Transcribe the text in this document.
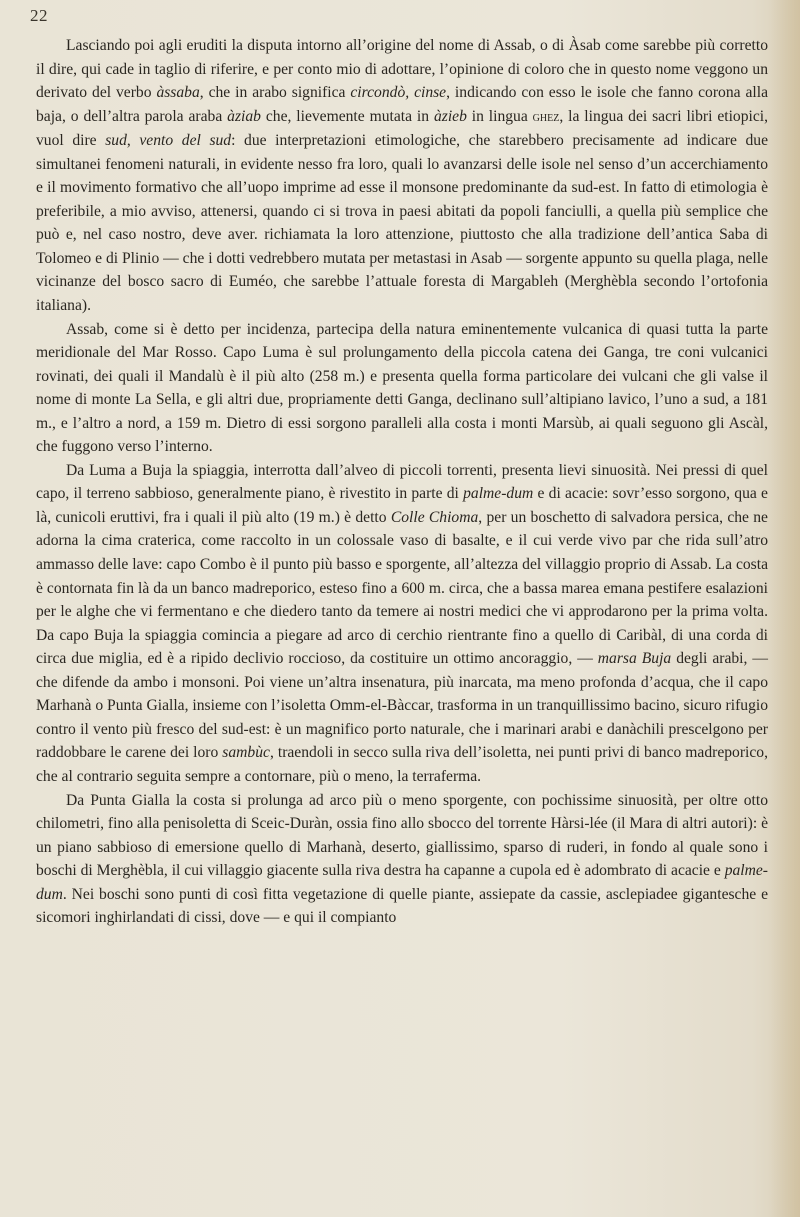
22

Lasciando poi agli eruditi la disputa intorno all’origine del nome di Assab, o di Àsab come sarebbe più corretto il dire, qui cade in taglio di riferire, e per conto mio di adottare, l’opinione di coloro che in questo nome veggono un derivato del verbo àssaba, che in arabo significa circondò, cinse, indicando con esso le isole che fanno corona alla baja, o dell’altra parola araba àziab che, lievemente mutata in àzieb in lingua ghez, la lingua dei sacri libri etiopici, vuol dire sud, vento del sud: due interpretazioni etimologiche, che starebbero precisamente ad indicare due simultanei fenomeni naturali, in evidente nesso fra loro, quali lo avanzarsi delle isole nel senso d’un accerchiamento e il movimento formativo che all’uopo imprime ad esse il monsone predominante da sud-est. In fatto di etimologia è preferibile, a mio avviso, attenersi, quando ci si trova in paesi abitati da popoli fanciulli, a quella più semplice che può e, nel caso nostro, deve aver. richiamata la loro attenzione, piuttosto che alla tradizione dell’antica Saba di Tolomeo e di Plinio — che i dotti vedrebbero mutata per metastasi in Asab — sorgente appunto su quella plaga, nelle vicinanze del bosco sacro di Euméo, che sarebbe l’attuale foresta di Margableh (Merghèbla secondo l’ortofonia italiana).

Assab, come si è detto per incidenza, partecipa della natura eminentemente vulcanica di quasi tutta la parte meridionale del Mar Rosso. Capo Luma è sul prolungamento della piccola catena dei Ganga, tre coni vulcanici rovinati, dei quali il Mandalù è il più alto (258 m.) e presenta quella forma particolare dei vulcani che gli valse il nome di monte La Sella, e gli altri due, propriamente detti Ganga, declinano sull’altipiano lavico, l’uno a sud, a 181 m., e l’altro a nord, a 159 m. Dietro di essi sorgono paralleli alla costa i monti Marsùb, ai quali seguono gli Ascàl, che fuggono verso l’interno.

Da Luma a Buja la spiaggia, interrotta dall’alveo di piccoli torrenti, presenta lievi sinuosità. Nei pressi di quel capo, il terreno sabbioso, generalmente piano, è rivestito in parte di palme-dum e di acacie: sovr’esso sorgono, qua e là, cunicoli eruttivi, fra i quali il più alto (19 m.) è detto Colle Chioma, per un boschetto di salvadora persica, che ne adorna la cima craterica, come raccolto in un colossale vaso di basalte, e il cui verde vivo par che rida sull’atro ammasso delle lave: capo Combo è il punto più basso e sporgente, all’altezza del villaggio proprio di Assab. La costa è contornata fin là da un banco madreporico, esteso fino a 600 m. circa, che a bassa marea emana pestifere esalazioni per le alghe che vi fermentano e che diedero tanto da temere ai nostri medici che vi approdarono per la prima volta. Da capo Buja la spiaggia comincia a piegare ad arco di cerchio rientrante fino a quello di Caribàl, di una corda di circa due miglia, ed è a ripido declivio roccioso, da costituire un ottimo ancoraggio, — marsa Buja degli arabi, — che difende da ambo i monsoni. Poi viene un’altra insenatura, più inarcata, ma meno profonda d’acqua, che il capo Marhanà o Punta Gialla, insieme con l’isoletta Omm-el-Bàccar, trasforma in un tranquillissimo bacino, sicuro rifugio contro il vento più fresco del sud-est: è un magnifico porto naturale, che i marinari arabi e danàchili prescelgono per raddobbare le carene dei loro sambùc, traendoli in secco sulla riva dell’isoletta, nei punti privi di banco madreporico, che al contrario seguita sempre a contornare, più o meno, la terraferma.

Da Punta Gialla la costa si prolunga ad arco più o meno sporgente, con pochissime sinuosità, per oltre otto chilometri, fino alla penisoletta di Sceic-Duràn, ossia fino allo sbocco del torrente Hàrsi-lée (il Mara di altri autori): è un piano sabbioso di emersione quello di Marhanà, deserto, giallissimo, sparso di ruderi, in fondo al quale sono i boschi di Merghèbla, il cui villaggio giacente sulla riva destra ha capanne a cupola ed è adombrato di acacie e palme-dum. Nei boschi sono punti di così fitta vegetazione di quelle piante, assiepate da cassie, asclepiadee gigantesche e sicomori inghirlandati di cissi, dove — e qui il compianto
